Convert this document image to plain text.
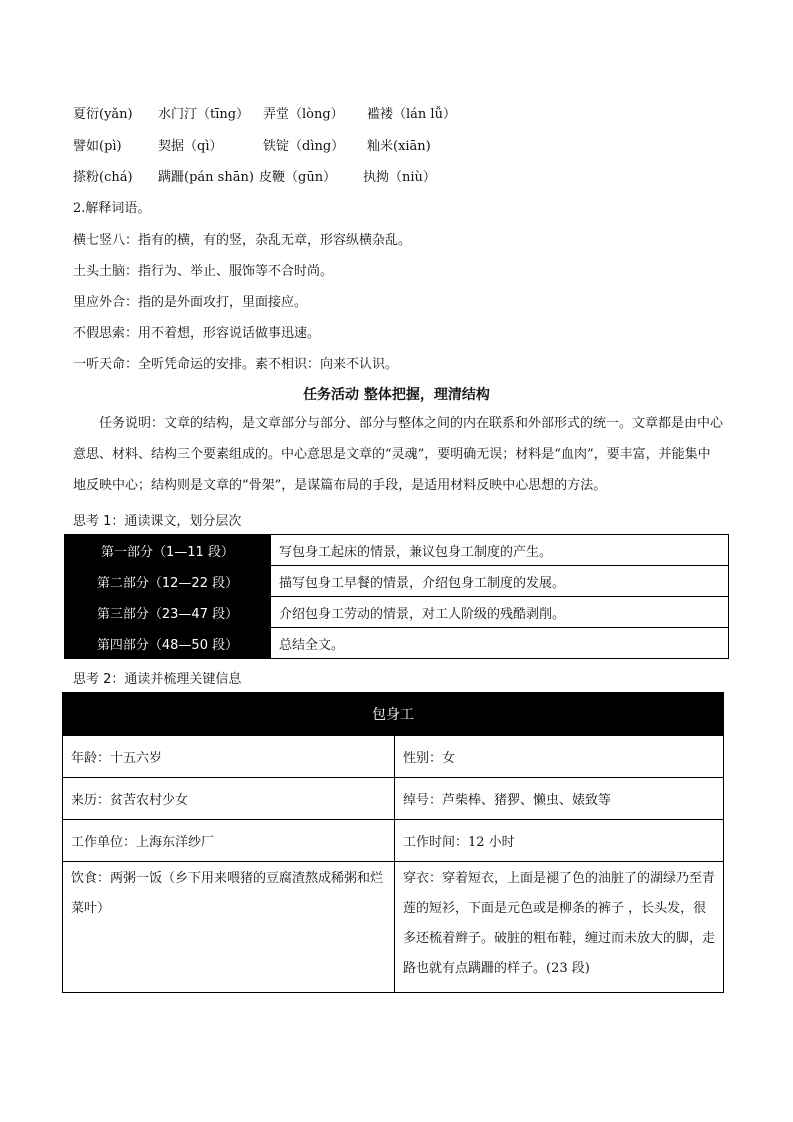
夏衍(yǎn) 水门汀（tīng） 弄堂（lòng） 褴褛（lán lǚ）
譬如(pì)	契据（qì）	铁锭（dìng） 籼米(xiān)
搽粉(chá) 蹒跚(pán shān) 皮鞭（gūn） 执拗（niù）
2.解释词语。
横七竖八：指有的横，有的竖，杂乱无章，形容纵横杂乱。
土头土脑：指行为、举止、服饰等不合时尚。
里应外合：指的是外面攻打，里面接应。
不假思索：用不着想，形容说话做事迅速。
一听天命：全听凭命运的安排。素不相识：向来不认识。
任务活动 整体把握，理清结构

任务说明：文章的结构，是文章部分与部分、部分与整体之间的内在联系和外部形式的统一。文章都是由中心意思、材料、结构三个要素组成的。中心意思是文章的“灵魂”，要明确无误；材料是“血肉”，要丰富，并能集中地反映中心；结构则是文章的“骨架”，是谋篇布局的手段，是适用材料反映中心思想的方法。

思考 1：通读课文，划分层次
第一部分（1—11 段）	写包身工起床的情景，兼议包身工制度的产生。
第二部分（12—22 段）	描写包身工早餐的情景，介绍包身工制度的发展。
第三部分（23—47 段）	介绍包身工劳动的情景，对工人阶级的残酷剥削。
第四部分（48—50 段）	总结全文。
思考 2：通读并梳理关键信息
包身工	
年龄：十五六岁	性别：女
来历：贫苦农村少女	绰号：芦柴棒、猪猡、懒虫、婊致等
工作单位：上海东洋纱厂	工作时间：12 小时
饮食：两粥一饭（乡下用来喂猪的豆腐渣熬成稀粥和烂菜叶）	穿衣：穿着短衣，上面是褪了色的油脏了的湖绿乃至青莲的短衫，下面是元色或是柳条的裤子 ，长头发，很多还梳着辫子。破脏的粗布鞋，缠过而未放大的脚，走路也就有点蹒跚的样子。(23 段)
